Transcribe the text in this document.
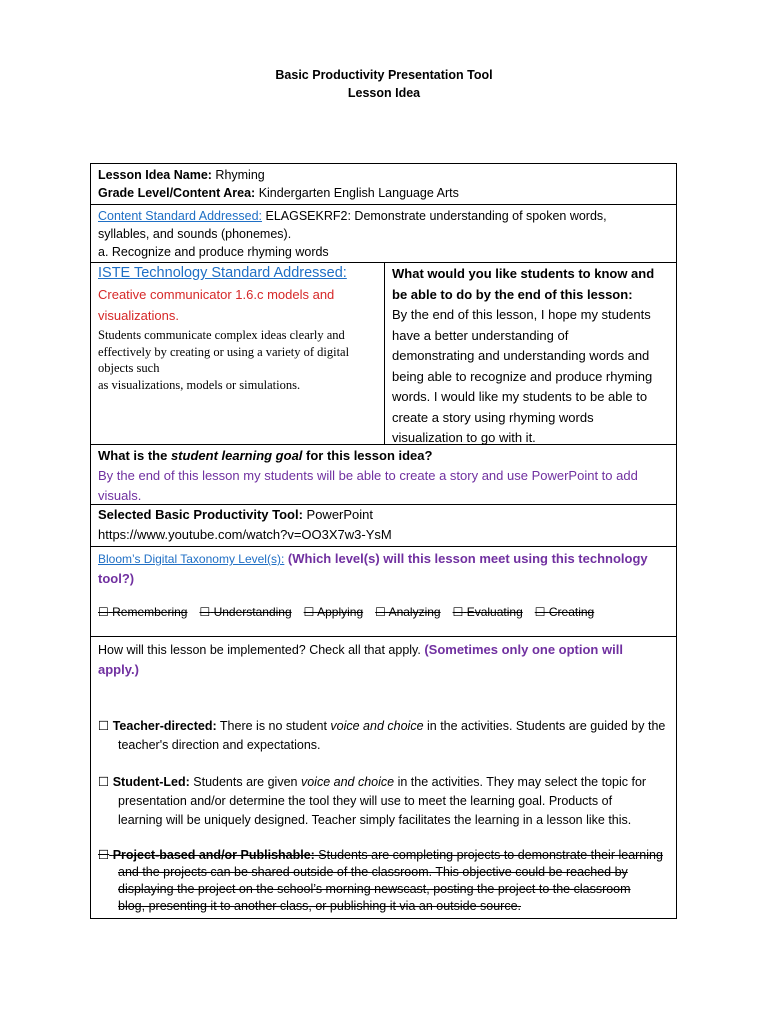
Basic Productivity Presentation Tool
Lesson Idea
Lesson Idea Name: Rhyming
Grade Level/Content Area: Kindergarten English Language Arts
Content Standard Addressed: ELAGSEKRF2: Demonstrate understanding of spoken words,
syllables, and sounds (phonemes).
a. Recognize and produce rhyming words
ISTE Technology Standard Addressed:
Creative communicator 1.6.c models and
visualizations.
Students communicate complex ideas clearly and
effectively by creating or using a variety of digital
objects such
as visualizations, models or simulations.
What would you like students to know and
be able to do by the end of this lesson:
By the end of this lesson, I hope my students
have a better understanding of
demonstrating and understanding words and
being able to recognize and produce rhyming
words. I would like my students to be able to
create a story using rhyming words
visualization to go with it.
What is the student learning goal for this lesson idea?
By the end of this lesson my students will be able to create a story and use PowerPoint to add
visuals.
Selected Basic Productivity Tool: PowerPoint
https://www.youtube.com/watch?v=OO3X7w3-YsM
Bloom’s Digital Taxonomy Level(s): (Which level(s) will this lesson meet using this technology
tool?)
☐ Remembering ☐ Understanding ☐ Applying ☐ Analyzing ☐ Evaluating ☐ Creating
How will this lesson be implemented? Check all that apply. (Sometimes only one option will
apply.)
☐ Teacher-directed: There is no student voice and choice in the activities. Students are guided by the
teacher's direction and expectations.
☐ Student-Led: Students are given voice and choice in the activities. They may select the topic for
presentation and/or determine the tool they will use to meet the learning goal. Products of
learning will be uniquely designed. Teacher simply facilitates the learning in a lesson like this.
☐ Project-based and/or Publishable: Students are completing projects to demonstrate their learning
and the projects can be shared outside of the classroom. This objective could be reached by
displaying the project on the school’s morning newscast, posting the project to the classroom
blog, presenting it to another class, or publishing it via an outside source.
